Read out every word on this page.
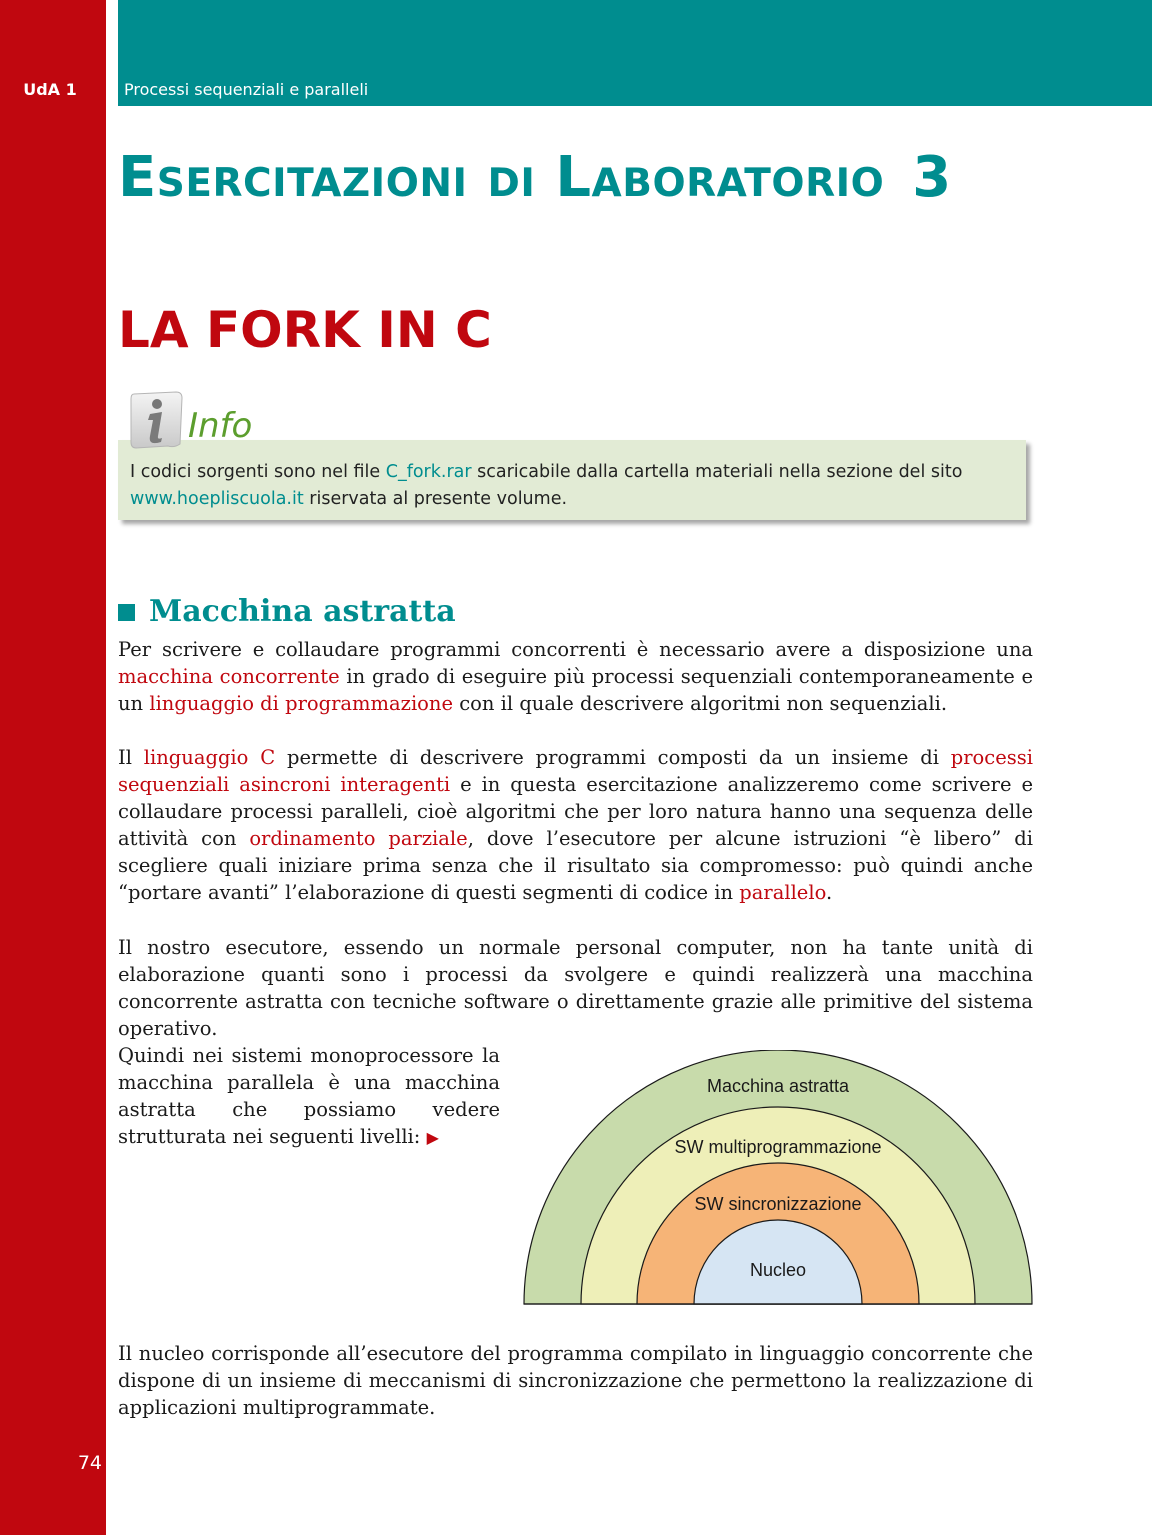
UdA 1	Processi sequenziali e paralleli
Esercitazioni di Laboratorio 3
LA FORK IN C
I codici sorgenti sono nel file C_fork.rar scaricabile dalla cartella materiali nella sezione del sito www.hoepliscuola.it riservata al presente volume.
Info
Macchina astratta

Per scrivere e collaudare programmi concorrenti è necessario avere a disposizione una macchina concorrente in grado di eseguire più processi sequenziali contemporaneamente e un linguaggio di programmazione con il quale descrivere algoritmi non sequenziali.

Il linguaggio C permette di descrivere programmi composti da un insieme di processi sequenziali asincroni interagenti e in questa esercitazione analizzeremo come scrivere e collaudare processi paralleli, cioè algoritmi che per loro natura hanno una sequenza delle attività con ordinamento parziale, dove l’esecutore per alcune istruzioni “è libero” di scegliere quali iniziare prima senza che il risultato sia compromesso: può quindi anche “portare avanti” l’elaborazione di questi segmenti di codice in parallelo.

Il nostro esecutore, essendo un normale personal computer, non ha tante unità di elaborazione quanti sono i processi da svolgere e quindi realizzerà una macchina concorrente astratta con tecniche software o direttamente grazie alle primitive del sistema operativo.

Quindi nei sistemi monoprocessore la macchina parallela è una macchina astratta che possiamo vedere strutturata nei seguenti livelli: ▶

Macchina astratta
SW multiprogrammazione
SW sincronizzazione
Nucleo

Il nucleo corrisponde all’esecutore del programma compilato in linguaggio concorrente che dispone di un insieme di meccanismi di sincronizzazione che permettono la realizzazione di applicazioni multiprogrammate.

74
